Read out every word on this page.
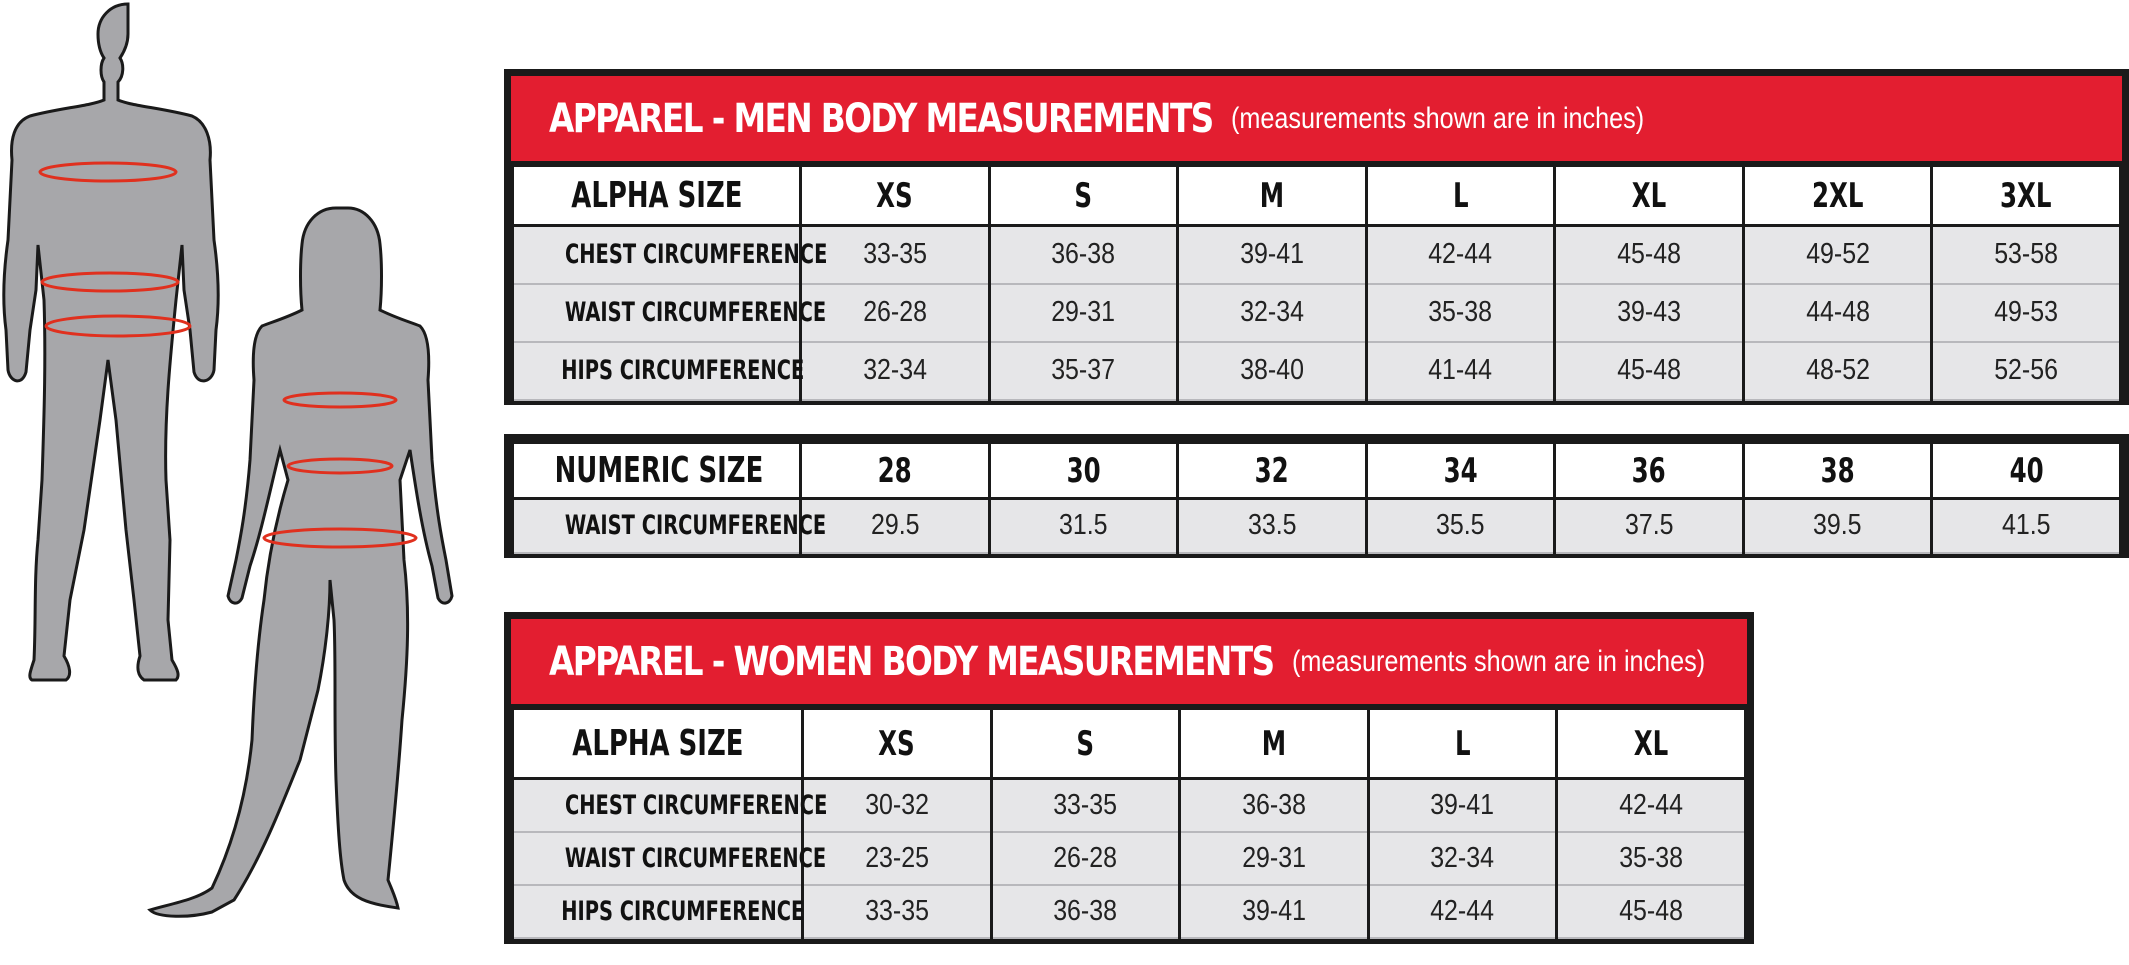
APPAREL - MEN BODY MEASUREMENTS (measurements shown are in inches)
ALPHA SIZE	XS	S	M	L	XL	2XL	3XL
CHEST CIRCUMFERENCE	33-35	36-38	39-41	42-44	45-48	49-52	53-58
WAIST CIRCUMFERENCE	26-28	29-31	32-34	35-38	39-43	44-48	49-53
HIPS CIRCUMFERENCE	32-34	35-37	38-40	41-44	45-48	48-52	52-56
NUMERIC SIZE	28	30	32	34	36	38	40
WAIST CIRCUMFERENCE	29.5	31.5	33.5	35.5	37.5	39.5	41.5
APPAREL - WOMEN BODY MEASUREMENTS (measurements shown are in inches)
ALPHA SIZE	XS	S	M	L	XL
CHEST CIRCUMFERENCE	30-32	33-35	36-38	39-41	42-44
WAIST CIRCUMFERENCE	23-25	26-28	29-31	32-34	35-38
HIPS CIRCUMFERENCE	33-35	36-38	39-41	42-44	45-48
